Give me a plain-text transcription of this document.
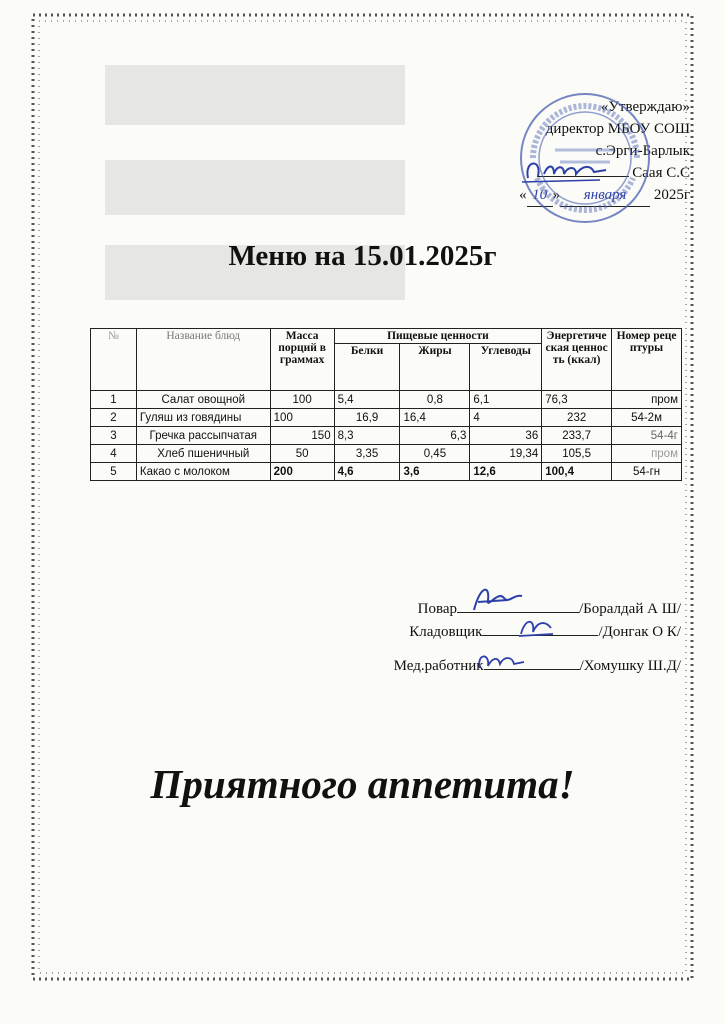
«Утверждаю»
директор МБОУ СОШ
с.Эрги-Барлык
Саая С.С
« 10 » января 2025г
Меню на 15.01.2025г
№	Название блюд	Масса порций в граммах	Пищевые ценности			Энергетическая ценность (ккал)	Номер рецептуры
			Белки	Жиры	Углеводы		
1	Салат овощной	100	5,4	0,8	6,1	76,3	пром
2	Гуляш из говядины	100	16,9	16,4	4	232	54-2м
3	Гречка рассыпчатая	150	8,3	6,3	36	233,7	54-4г
4	Хлеб пшеничный	50	3,35	0,45	19,34	105,5	пром
5	Какао с молоком	200	4,6	3,6	12,6	100,4	54-гн
Повар	/Боралдай А Ш/
Кладовщик	/Донгак О К/
Мед.работник	/Хомушку Ш.Д/
Приятного аппетита!
